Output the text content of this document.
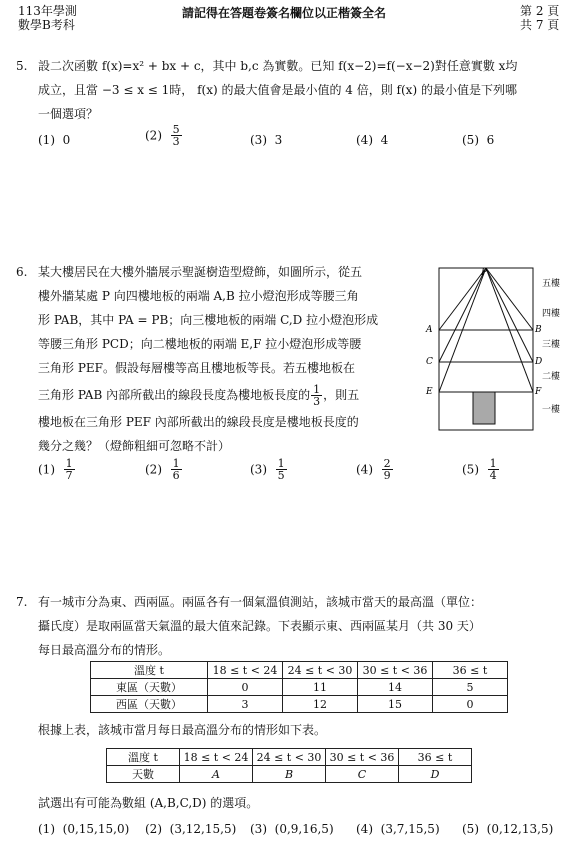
113年學測
數學B考科
請記得在答題卷簽名欄位以正楷簽全名	第 2 頁
共 7 頁
5. 設二次函數 f(x)=x² + bx + c，其中 b,c 為實數。已知 f(x−2)=f(−x−2)對任意實數 x均
成立，且當 −3 ≤ x ≤ 1時， f(x) 的最大值會是最小值的 4 倍，則 f(x) 的最小值是下列哪
一個選項？
(1) 0	$(2) \frac{5}{3}$	(3) 3	(4) 4	(5) 6
6. 某大樓居民在大樓外牆展示聖誕樹造型燈飾，如圖所示，從五
樓外牆某處 P 向四樓地板的兩端 A,B 拉小燈泡形成等腰三角
形 PAB，其中 PA = PB；向三樓地板的兩端 C,D 拉小燈泡形成
等腰三角形 PCD；向二樓地板的兩端 E,F 拉小燈泡形成等腰
三角形 PEF。假設每層樓等高且樓地板等長。若五樓地板在
三角形 PAB 內部所截出的線段長度為樓地板長度的 $\frac{1}{3}$ ，則五
樓地板在三角形 PEF 內部所截出的線段長度是樓地板長度的
幾分之幾？（燈飾粗細可忽略不計）
$(1) \frac{1}{7}$	$(2) \frac{1}{6}$	$(3) \frac{1}{5}$	$(4) \frac{2}{9}$	$(5) \frac{1}{4}$
P
A	B
C	D
E	F
五樓
四樓
三樓
二樓
一樓
7. 有一城市分為東、西兩區。兩區各有一個氣溫偵測站，該城市當天的最高溫（單位：
攝氏度）是取兩區當天氣溫的最大值來記錄。下表顯示東、西兩區某月（共 30 天）
每日最高溫分布的情形。
溫度 t	18 ≤ t < 24	24 ≤ t < 30	30 ≤ t < 36	36 ≤ t
東區（天數）	0	11	14	5
西區（天數）	3	12	15	0
根據上表，該城市當月每日最高溫分布的情形如下表。
溫度 t	18 ≤ t < 24	24 ≤ t < 30	30 ≤ t < 36	36 ≤ t
天數	A	B	C	D
試選出有可能為數組 (A,B,C,D) 的選項。
(1) (0,15,15,0) (2) (3,12,15,5) (3) (0,9,16,5) (4) (3,7,15,5) (5) (0,12,13,5)
